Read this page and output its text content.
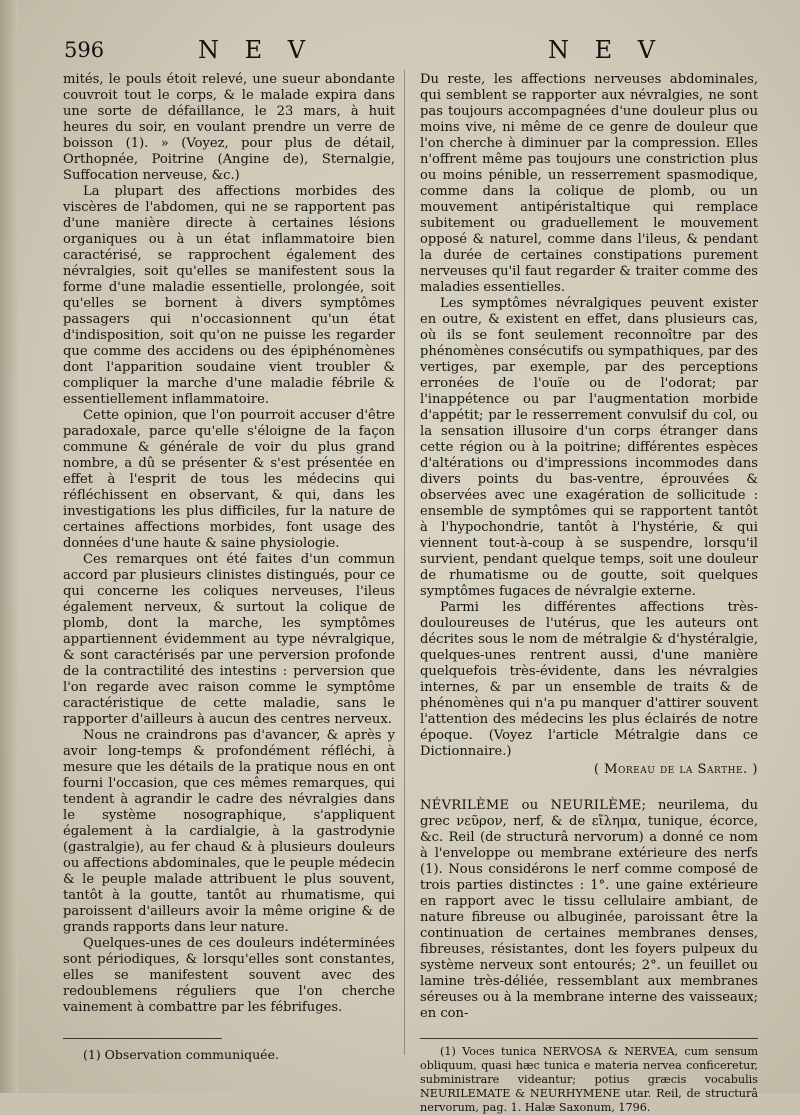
596	N E V	N E V

mités, le pouls étoit relevé, une sueur abondante couvroit tout le corps, & le malade expira dans une sorte de défaillance, le 23 mars, à huit heures du soir, en voulant prendre un verre de boisson (1). » (Voyez, pour plus de détail, Orthopnée, Poitrine (Angine de), Sternalgie, Suffocation nerveuse, &c.)

La plupart des affections morbides des viscères de l'abdomen, qui ne se rapportent pas d'une manière directe à certaines lésions organiques ou à un état inflammatoire bien caractérisé, se rapprochent également des névralgies, soit qu'elles se manifestent sous la forme d'une maladie essentielle, prolongée, soit qu'elles se bornent à divers symptômes passagers qui n'occasionnent qu'un état d'indisposition, soit qu'on ne puisse les regarder que comme des accidens ou des épiphénomènes dont l'apparition soudaine vient troubler & compliquer la marche d'une maladie fébrile & essentiellement inflammatoire.

Cette opinion, que l'on pourroit accuser d'être paradoxale, parce qu'elle s'éloigne de la façon commune & générale de voir du plus grand nombre, a dû se présenter & s'est présentée en effet à l'esprit de tous les médecins qui réfléchissent en observant, & qui, dans les investigations les plus difficiles, fur la nature de certaines affections morbides, font usage des données d'une haute & saine physiologie.

Ces remarques ont été faites d'un commun accord par plusieurs clinistes distingués, pour ce qui concerne les coliques nerveuses, l'ileus également nerveux, & surtout la colique de plomb, dont la marche, les symptômes appartiennent évidemment au type névralgique, & sont caractérisés par une perversion profonde de la contractilité des intestins : perversion que l'on regarde avec raison comme le symptôme caractéristique de cette maladie, sans le rapporter d'ailleurs à aucun des centres nerveux.

Nous ne craindrons pas d'avancer, & après y avoir long-temps & profondément réfléchi, à mesure que les détails de la pratique nous en ont fourni l'occasion, que ces mêmes remarques, qui tendent à agrandir le cadre des névralgies dans le système nosographique, s'appliquent également à la cardialgie, à la gastrodynie (gastralgie), au fer chaud & à plusieurs douleurs ou affections abdominales, que le peuple médecin & le peuple malade attribuent le plus souvent, tantôt à la goutte, tantôt au rhumatisme, qui paroissent d'ailleurs avoir la même origine & de grands rapports dans leur nature.

Quelques-unes de ces douleurs indéterminées sont périodiques, & lorsqu'elles sont constantes, elles se manifestent souvent avec des redoublemens réguliers que l'on cherche vainement à combattre par les fébrifuges.

(1) Observation communiquée.

Du reste, les affections nerveuses abdominales, qui semblent se rapporter aux névralgies, ne sont pas toujours accompagnées d'une douleur plus ou moins vive, ni même de ce genre de douleur que l'on cherche à diminuer par la compression. Elles n'offrent même pas toujours une constriction plus ou moins pénible, un resserrement spasmodique, comme dans la colique de plomb, ou un mouvement antipéristaltique qui remplace subitement ou graduellement le mouvement opposé & naturel, comme dans l'ileus, & pendant la durée de certaines constipations purement nerveuses qu'il faut regarder & traiter comme des maladies essentielles.

Les symptômes névralgiques peuvent exister en outre, & existent en effet, dans plusieurs cas, où ils se font seulement reconnoître par des phénomènes consécutifs ou sympathiques, par des vertiges, par exemple, par des perceptions erronées de l'ouïe ou de l'odorat; par l'inappétence ou par l'augmentation morbide d'appétit; par le resserrement convulsif du col, ou la sensation illusoire d'un corps étranger dans cette région ou à la poitrine; différentes espèces d'altérations ou d'impressions incommodes dans divers points du bas-ventre, éprouvées & observées avec une exagération de sollicitude : ensemble de symptômes qui se rapportent tantôt à l'hypochondrie, tantôt à l'hystérie, & qui viennent tout-à-coup à se suspendre, lorsqu'il survient, pendant quelque temps, soit une douleur de rhumatisme ou de goutte, soit quelques symptômes fugaces de névralgie externe.

Parmi les différentes affections très-douloureuses de l'utérus, que les auteurs ont décrites sous le nom de métralgie & d'hystéralgie, quelques-unes rentrent aussi, d'une manière quelquefois très-évidente, dans les névralgies internes, & par un ensemble de traits & de phénomènes qui n'a pu manquer d'attirer souvent l'attention des médecins les plus éclairés de notre époque. (Voyez l'article Métralgie dans ce Dictionnaire.)

( Moreau de la Sarthe. )

NÉVRILÈME ou NEURILÈME; neurilema, du grec νεῦρον, nerf, & de εἴλημα, tunique, écorce, &c. Reil (de structurâ nervorum) a donné ce nom à l'enveloppe ou membrane extérieure des nerfs (1). Nous considérons le nerf comme composé de trois parties distinctes : 1°. une gaine extérieure en rapport avec le tissu cellulaire ambiant, de nature fibreuse ou albuginée, paroissant être la continuation de certaines membranes denses, fibreuses, résistantes, dont les foyers pulpeux du système nerveux sont entourés; 2°. un feuillet ou lamine très-déliée, ressemblant aux membranes séreuses ou à la membrane interne des vaisseaux; en con-

(1) Voces tunica NERVOSA & NERVEA, cum sensum obliquum, quasi hæc tunica e materia nervea conficeretur, subministrare videantur; potius græcis vocabulis NEURILEMATE & NEURHYMENE utar. Reil, de structurâ nervorum, pag. 1. Halæ Saxonum, 1796.
